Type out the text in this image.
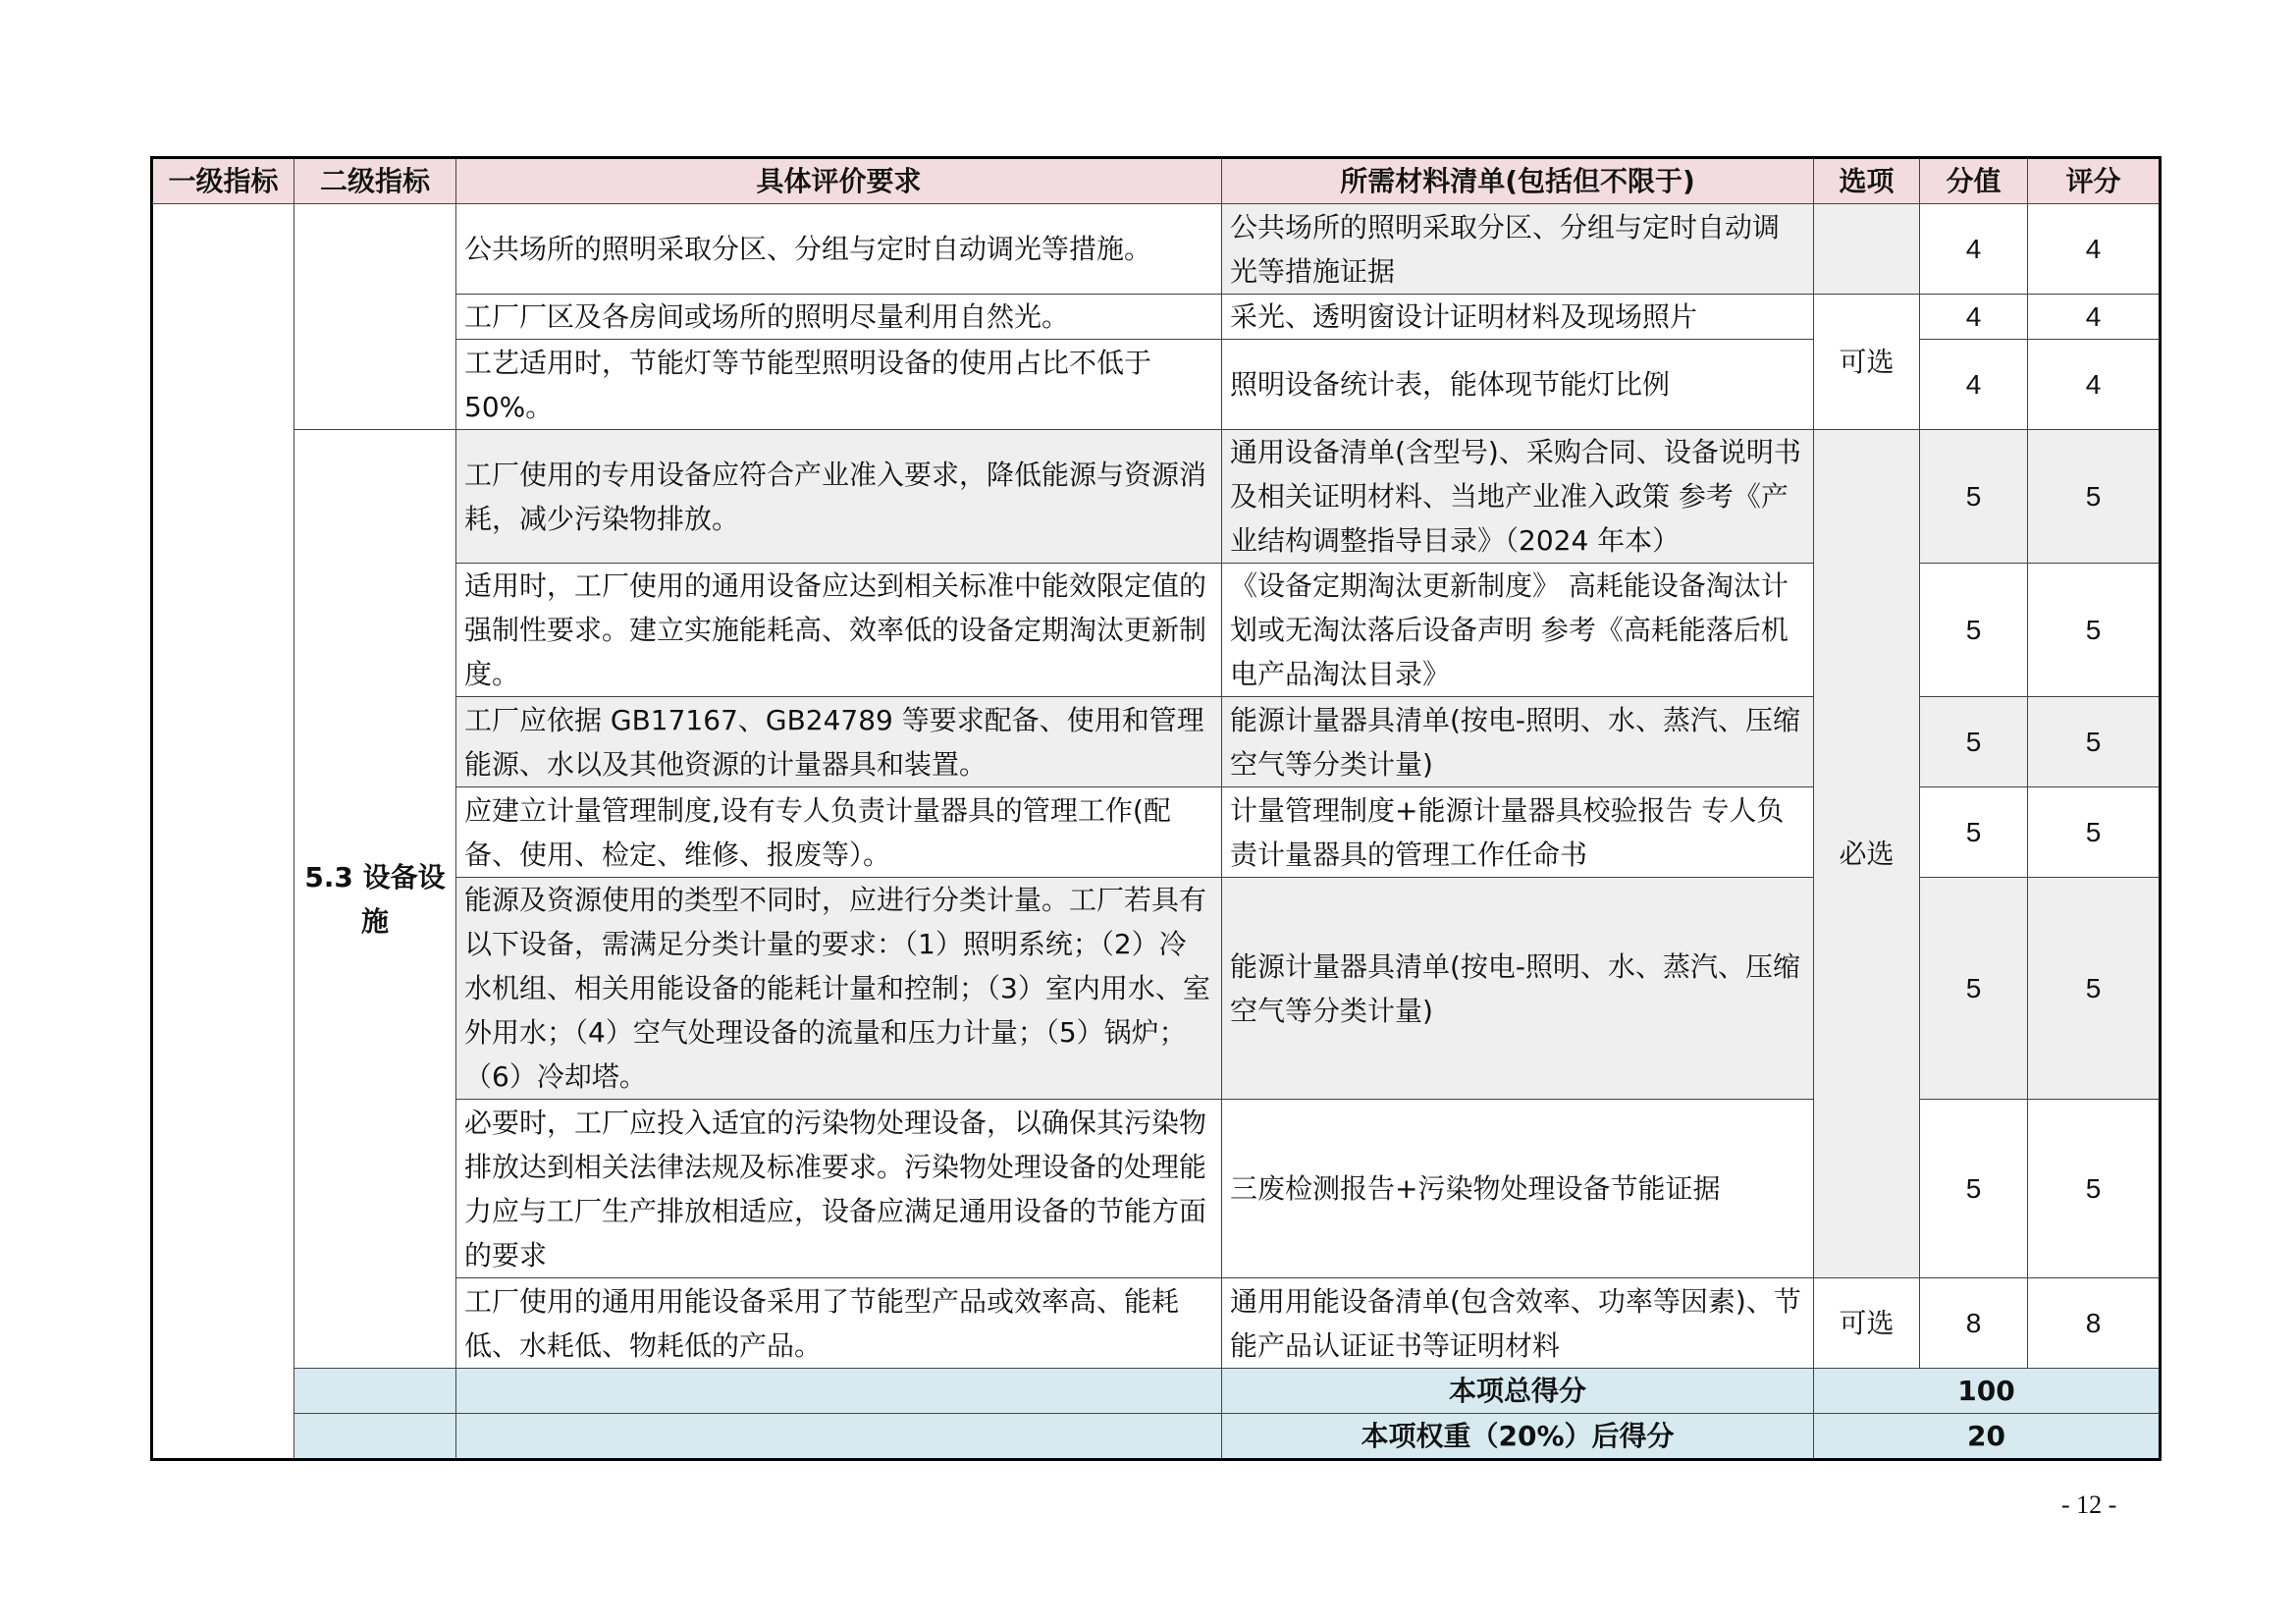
一级指标	二级指标	具体评价要求	所需材料清单(包括但不限于)	选项	分值	评分
		公共场所的照明采取分区、分组与定时自动调光等措施。	公共场所的照明采取分区、分组与定时自动调光等措施证据		4	4
		工厂厂区及各房间或场所的照明尽量利用自然光。	采光、透明窗设计证明材料及现场照片	可选	4	4
		工艺适用时，节能灯等节能型照明设备的使用占比不低于50%。	照明设备统计表，能体现节能灯比例		4	4
	5.3 设备设施	工厂使用的专用设备应符合产业准入要求，降低能源与资源消耗，减少污染物排放。	通用设备清单(含型号)、采购合同、设备说明书及相关证明材料、当地产业准入政策 参考《产业结构调整指导目录》（2024 年本）	必选	5	5
		适用时，工厂使用的通用设备应达到相关标准中能效限定值的强制性要求。建立实施能耗高、效率低的设备定期淘汰更新制度。	《设备定期淘汰更新制度》 高耗能设备淘汰计划或无淘汰落后设备声明 参考《高耗能落后机电产品淘汰目录》		5	5
		工厂应依据 GB17167、GB24789 等要求配备、使用和管理能源、水以及其他资源的计量器具和装置。	能源计量器具清单(按电-照明、水、蒸汽、压缩空气等分类计量)		5	5
		应建立计量管理制度,设有专人负责计量器具的管理工作(配备、使用、检定、维修、报废等）。	计量管理制度+能源计量器具校验报告 专人负责计量器具的管理工作任命书		5	5
		能源及资源使用的类型不同时，应进行分类计量。工厂若具有以下设备，需满足分类计量的要求：（1）照明系统；（2）冷水机组、相关用能设备的能耗计量和控制；（3）室内用水、室外用水；（4）空气处理设备的流量和压力计量；（5）锅炉；（6）冷却塔。	能源计量器具清单(按电-照明、水、蒸汽、压缩空气等分类计量)		5	5
		必要时，工厂应投入适宜的污染物处理设备，以确保其污染物排放达到相关法律法规及标准要求。污染物处理设备的处理能力应与工厂生产排放相适应，设备应满足通用设备的节能方面的要求	三废检测报告+污染物处理设备节能证据		5	5
		工厂使用的通用用能设备采用了节能型产品或效率高、能耗低、水耗低、物耗低的产品。	通用用能设备清单(包含效率、功率等因素)、节能产品认证证书等证明材料	可选	8	8
			本项总得分	100		
			本项权重（20%）后得分	20		
- 12 -
